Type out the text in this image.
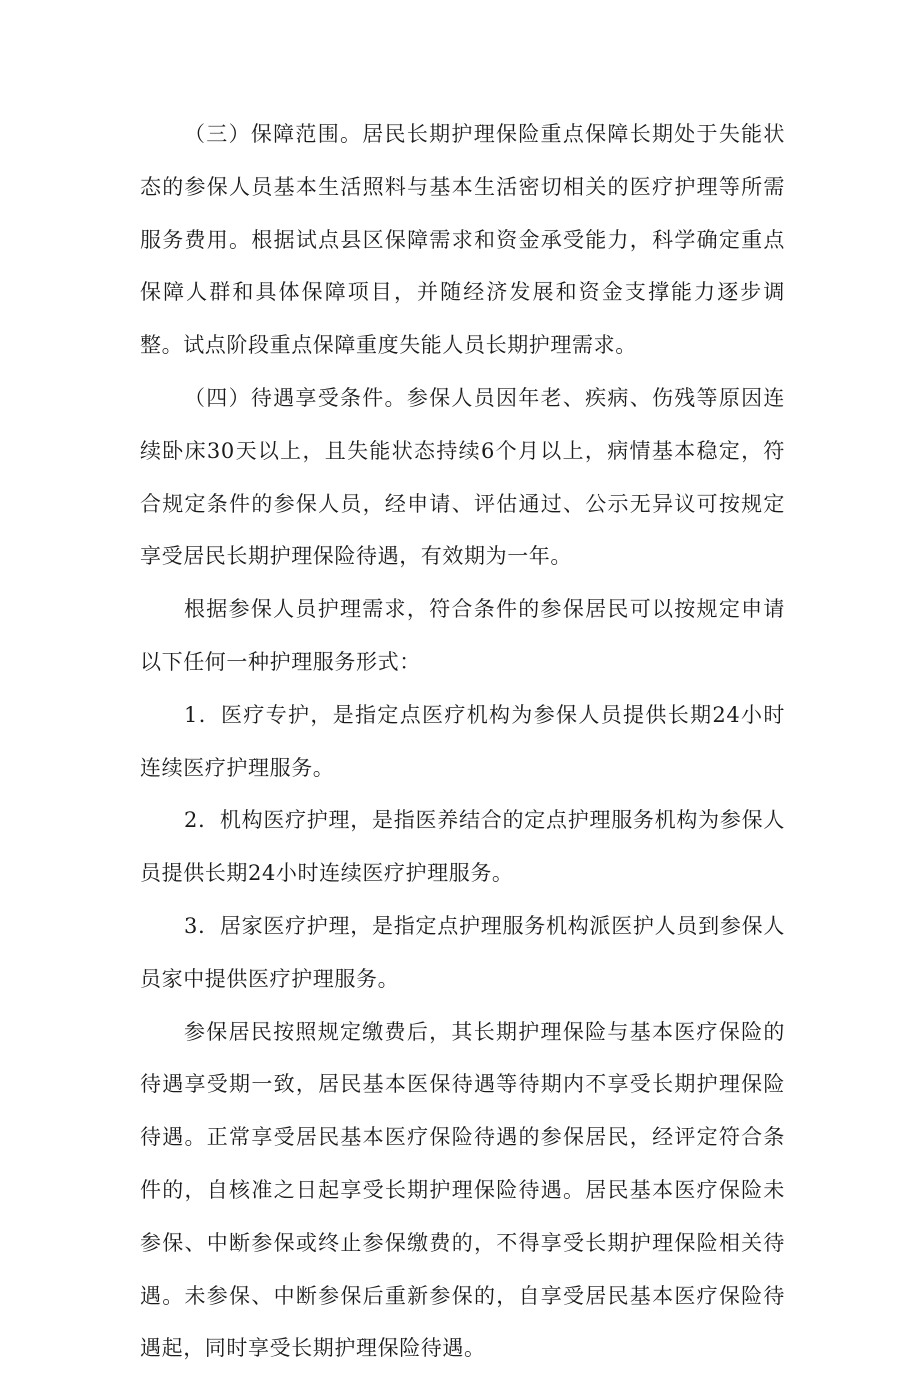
（三）保障范围。居民长期护理保险重点保障长期处于失能状态的参保人员基本生活照料与基本生活密切相关的医疗护理等所需服务费用。根据试点县区保障需求和资金承受能力，科学确定重点保障人群和具体保障项目，并随经济发展和资金支撑能力逐步调整。试点阶段重点保障重度失能人员长期护理需求。

（四）待遇享受条件。参保人员因年老、疾病、伤残等原因连续卧床30天以上，且失能状态持续6个月以上，病情基本稳定，符合规定条件的参保人员，经申请、评估通过、公示无异议可按规定享受居民长期护理保险待遇，有效期为一年。

根据参保人员护理需求，符合条件的参保居民可以按规定申请以下任何一种护理服务形式：

1．医疗专护，是指定点医疗机构为参保人员提供长期24小时连续医疗护理服务。

2．机构医疗护理，是指医养结合的定点护理服务机构为参保人员提供长期24小时连续医疗护理服务。

3．居家医疗护理，是指定点护理服务机构派医护人员到参保人员家中提供医疗护理服务。

参保居民按照规定缴费后，其长期护理保险与基本医疗保险的待遇享受期一致，居民基本医保待遇等待期内不享受长期护理保险待遇。正常享受居民基本医疗保险待遇的参保居民，经评定符合条件的，自核准之日起享受长期护理保险待遇。居民基本医疗保险未参保、中断参保或终止参保缴费的，不得享受长期护理保险相关待遇。未参保、中断参保后重新参保的，自享受居民基本医疗保险待遇起，同时享受长期护理保险待遇。
